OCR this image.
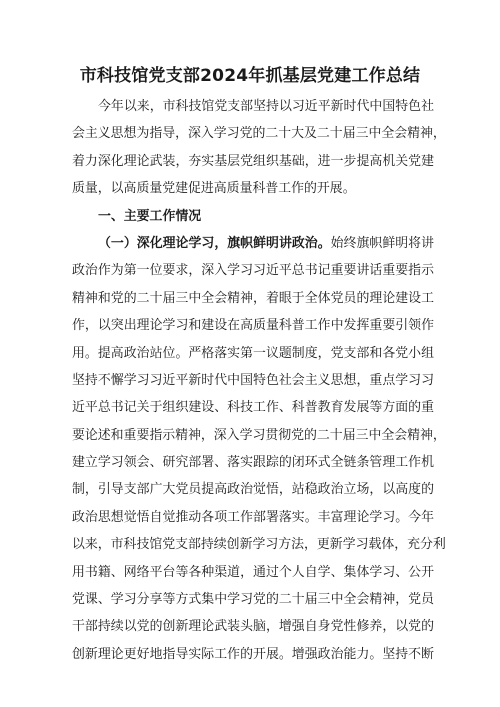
市科技馆党支部2024年抓基层党建工作总结
今年以来，市科技馆党支部坚持以习近平新时代中国特色社
会主义思想为指导，深入学习党的二十大及二十届三中全会精神，
着力深化理论武装，夯实基层党组织基础，进一步提高机关党建
质量，以高质量党建促进高质量科普工作的开展。
一、主要工作情况
（一）深化理论学习，旗帜鲜明讲政治。始终旗帜鲜明将讲
政治作为第一位要求，深入学习习近平总书记重要讲话重要指示
精神和党的二十届三中全会精神，着眼于全体党员的理论建设工
作，以突出理论学习和建设在高质量科普工作中发挥重要引领作
用。提高政治站位。严格落实第一议题制度，党支部和各党小组
坚持不懈学习习近平新时代中国特色社会主义思想，重点学习习
近平总书记关于组织建设、科技工作、科普教育发展等方面的重
要论述和重要指示精神，深入学习贯彻党的二十届三中全会精神，
建立学习领会、研究部署、落实跟踪的闭环式全链条管理工作机
制，引导支部广大党员提高政治觉悟，站稳政治立场，以高度的
政治思想觉悟自觉推动各项工作部署落实。丰富理论学习。今年
以来，市科技馆党支部持续创新学习方法，更新学习载体，充分利
用书籍、网络平台等各种渠道，通过个人自学、集体学习、公开
党课、学习分享等方式集中学习党的二十届三中全会精神，党员
干部持续以党的创新理论武装头脑，增强自身党性修养，以党的
创新理论更好地指导实际工作的开展。增强政治能力。坚持不断
